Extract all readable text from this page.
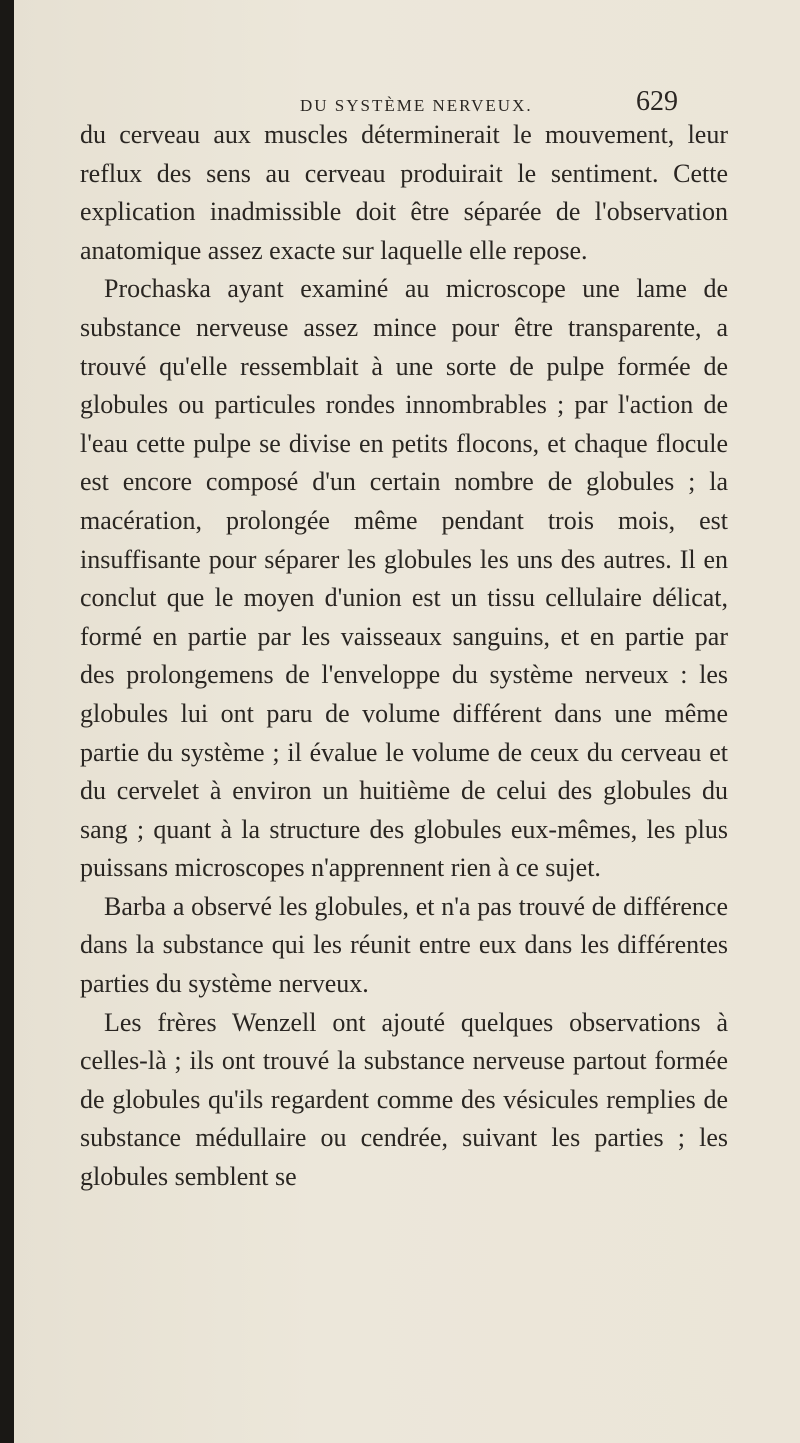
DU SYSTÈME NERVEUX.	629

du cerveau aux muscles déterminerait le mouvement, leur reflux des sens au cerveau produirait le sentiment. Cette explication inadmissible doit être séparée de l'observation anatomique assez exacte sur laquelle elle repose.

Prochaska ayant examiné au microscope une lame de substance nerveuse assez mince pour être transparente, a trouvé qu'elle ressemblait à une sorte de pulpe formée de globules ou particules rondes innombrables ; par l'action de l'eau cette pulpe se divise en petits flocons, et chaque flocule est encore composé d'un certain nombre de globules ; la macération, prolongée même pendant trois mois, est insuffisante pour séparer les globules les uns des autres. Il en conclut que le moyen d'union est un tissu cellulaire délicat, formé en partie par les vaisseaux sanguins, et en partie par des prolongemens de l'enveloppe du système nerveux : les globules lui ont paru de volume différent dans une même partie du système ; il évalue le volume de ceux du cerveau et du cervelet à environ un huitième de celui des globules du sang ; quant à la structure des globules eux-mêmes, les plus puissans microscopes n'apprennent rien à ce sujet.

Barba a observé les globules, et n'a pas trouvé de différence dans la substance qui les réunit entre eux dans les différentes parties du système nerveux.

Les frères Wenzell ont ajouté quelques observations à celles-là ; ils ont trouvé la substance nerveuse partout formée de globules qu'ils regardent comme des vésicules remplies de substance médullaire ou cendrée, suivant les parties ; les globules semblent se
